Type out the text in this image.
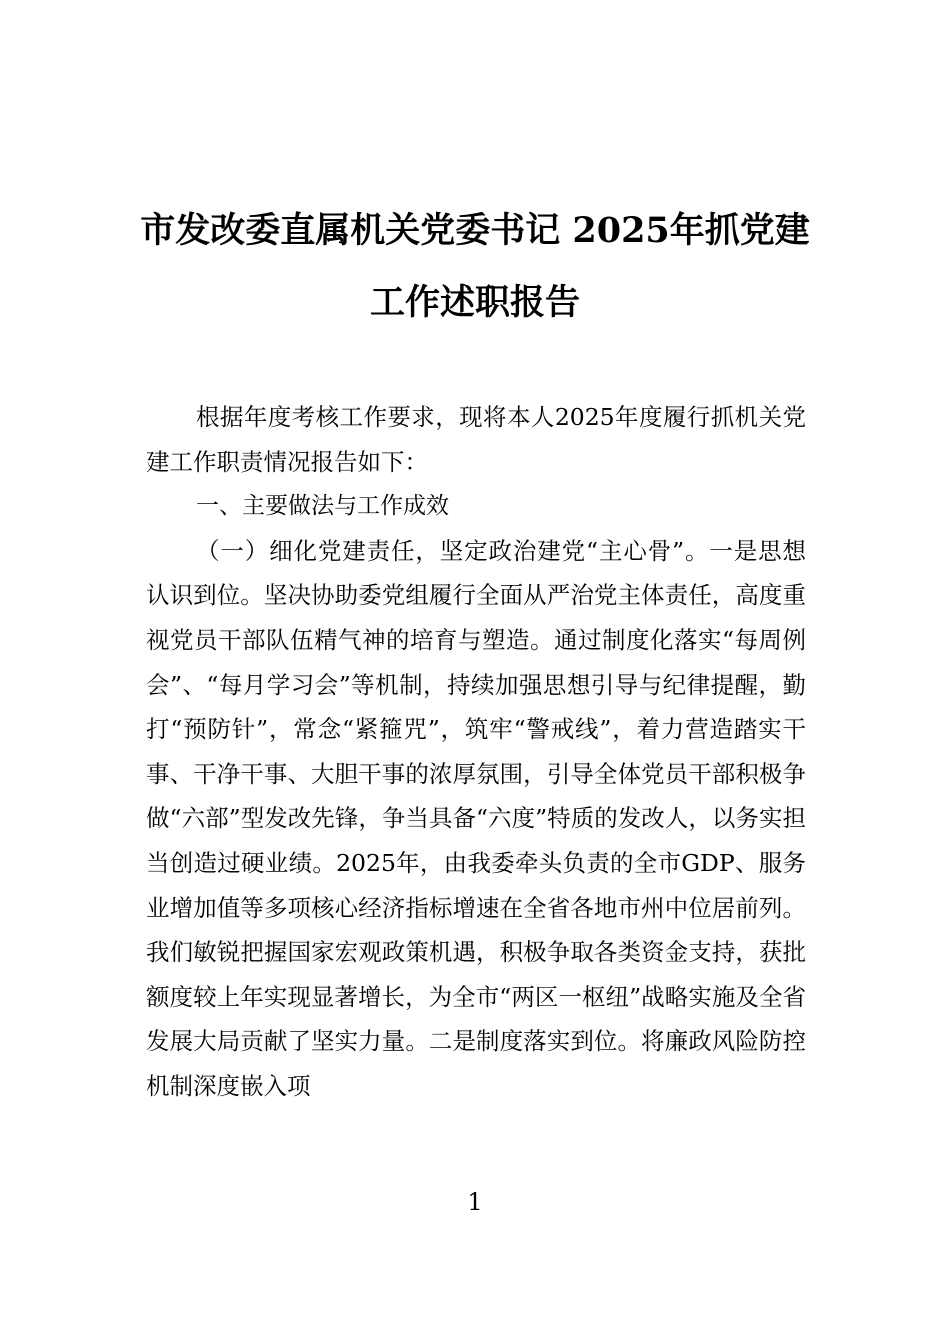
市发改委直属机关党委书记 2025年抓党建
工作述职报告

根据年度考核工作要求，现将本人2025年度履行抓机关党建工作职责情况报告如下：

一、主要做法与工作成效

（一）细化党建责任，坚定政治建党“主心骨”。一是思想认识到位。坚决协助委党组履行全面从严治党主体责任，高度重视党员干部队伍精气神的培育与塑造。通过制度化落实“每周例会”、“每月学习会”等机制，持续加强思想引导与纪律提醒，勤打“预防针”，常念“紧箍咒”，筑牢“警戒线”，着力营造踏实干事、干净干事、大胆干事的浓厚氛围，引导全体党员干部积极争做“六部”型发改先锋，争当具备“六度”特质的发改人，以务实担当创造过硬业绩。2025年，由我委牵头负责的全市GDP、服务业增加值等多项核心经济指标增速在全省各地市州中位居前列。我们敏锐把握国家宏观政策机遇，积极争取各类资金支持，获批额度较上年实现显著增长，为全市“两区一枢纽”战略实施及全省发展大局贡献了坚实力量。二是制度落实到位。将廉政风险防控机制深度嵌入项

1
